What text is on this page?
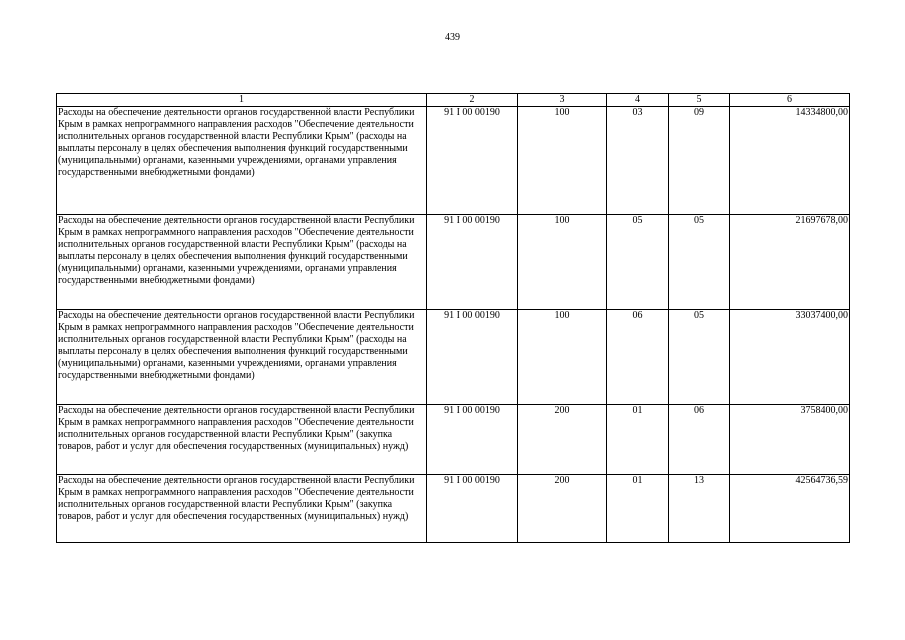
439
1	2	3	4	5	6
Расходы на обеспечение деятельности органов государственной власти Республики Крым в рамках непрограммного направления расходов "Обеспечение деятельности исполнительных органов государственной власти Республики Крым" (расходы на выплаты персоналу в целях обеспечения выполнения функций государственными (муниципальными) органами, казенными учреждениями, органами управления государственными внебюджетными фондами)	91 I 00 00190	100	03	09	14334800,00
Расходы на обеспечение деятельности органов государственной власти Республики Крым в рамках непрограммного направления расходов "Обеспечение деятельности исполнительных органов государственной власти Республики Крым" (расходы на выплаты персоналу в целях обеспечения выполнения функций государственными (муниципальными) органами, казенными учреждениями, органами управления государственными внебюджетными фондами)	91 I 00 00190	100	05	05	21697678,00
Расходы на обеспечение деятельности органов государственной власти Республики Крым в рамках непрограммного направления расходов "Обеспечение деятельности исполнительных органов государственной власти Республики Крым" (расходы на выплаты персоналу в целях обеспечения выполнения функций государственными (муниципальными) органами, казенными учреждениями, органами управления государственными внебюджетными фондами)	91 I 00 00190	100	06	05	33037400,00
Расходы на обеспечение деятельности органов государственной власти Республики Крым в рамках непрограммного направления расходов "Обеспечение деятельности исполнительных органов государственной власти Республики Крым" (закупка товаров, работ и услуг для обеспечения государственных (муниципальных) нужд)	91 I 00 00190	200	01	06	3758400,00
Расходы на обеспечение деятельности органов государственной власти Республики Крым в рамках непрограммного направления расходов "Обеспечение деятельности исполнительных органов государственной власти Республики Крым" (закупка товаров, работ и услуг для обеспечения государственных (муниципальных) нужд)	91 I 00 00190	200	01	13	42564736,59
